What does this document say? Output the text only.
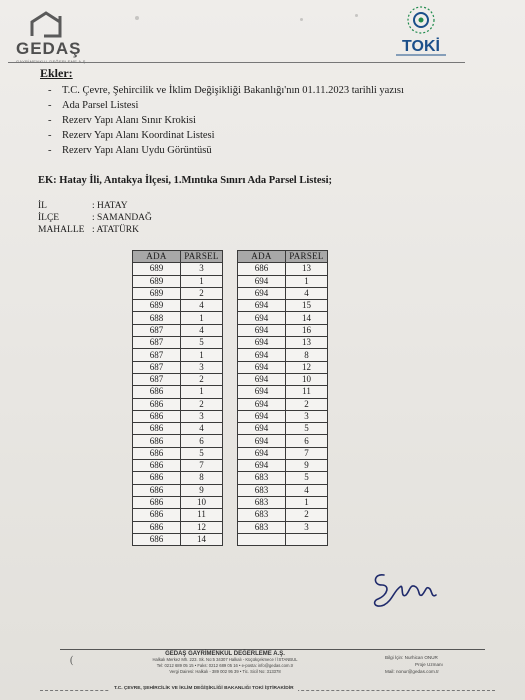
GEDAŞ
GAYRİMENKUL DEĞERLEME A.Ş.
TOKİ
Ekler:
- T.C. Çevre, Şehircilik ve İklim Değişikliği Bakanlığı'nın 01.11.2023 tarihli yazısı
- Ada Parsel Listesi
- Rezerv Yapı Alanı Sınır Krokisi
- Rezerv Yapı Alanı Koordinat Listesi
- Rezerv Yapı Alanı Uydu Görüntüsü
EK: Hatay İli, Antakya İlçesi, 1.Mıntıka Sınırı Ada Parsel Listesi;
İL	: HATAY
İLÇE	: SAMANDAĞ
MAHALLE : ATATÜRK
ADA	PARSEL
689	3
689	1
689	2
689	4
688	1
687	4
687	5
687	1
687	3
687	2
686	1
686	2
686	3
686	4
686	6
686	5
686	7
686	8
686	9
686	10
686	11
686	12
686	14
ADA	PARSEL
686	13
694	1
694	4
694	15
694	14
694	16
694	13
694	8
694	12
694	10
694	11
694	2
694	3
694	5
694	6
694	7
694	9
683	5
683	4
683	1
683	2
683	3

(
GEDAŞ GAYRİMENKUL DEĞERLEME A.Ş.
Halkalı Merkez Mh. 223. Sk. No:5 34307 Halkalı - Küçükçekmece / İSTANBUL
Tel: 0212 689 05 15 • Faks: 0212 689 05 16 • e-posta: info@gedas.com.tr
Vergi Dairesi: Halkalı - 389 002 95 39 • Tic. Sicil No: 313378
Bilgi İçin: Nurhican ONUR
Proje Uzmanı
Mail: nonur@gedas.com.tr
T.C. ÇEVRE, ŞEHİRCİLİK VE İKLİM DEĞİŞİKLİĞİ BAKANLIĞI TOKİ İŞTİRAKİDİR
